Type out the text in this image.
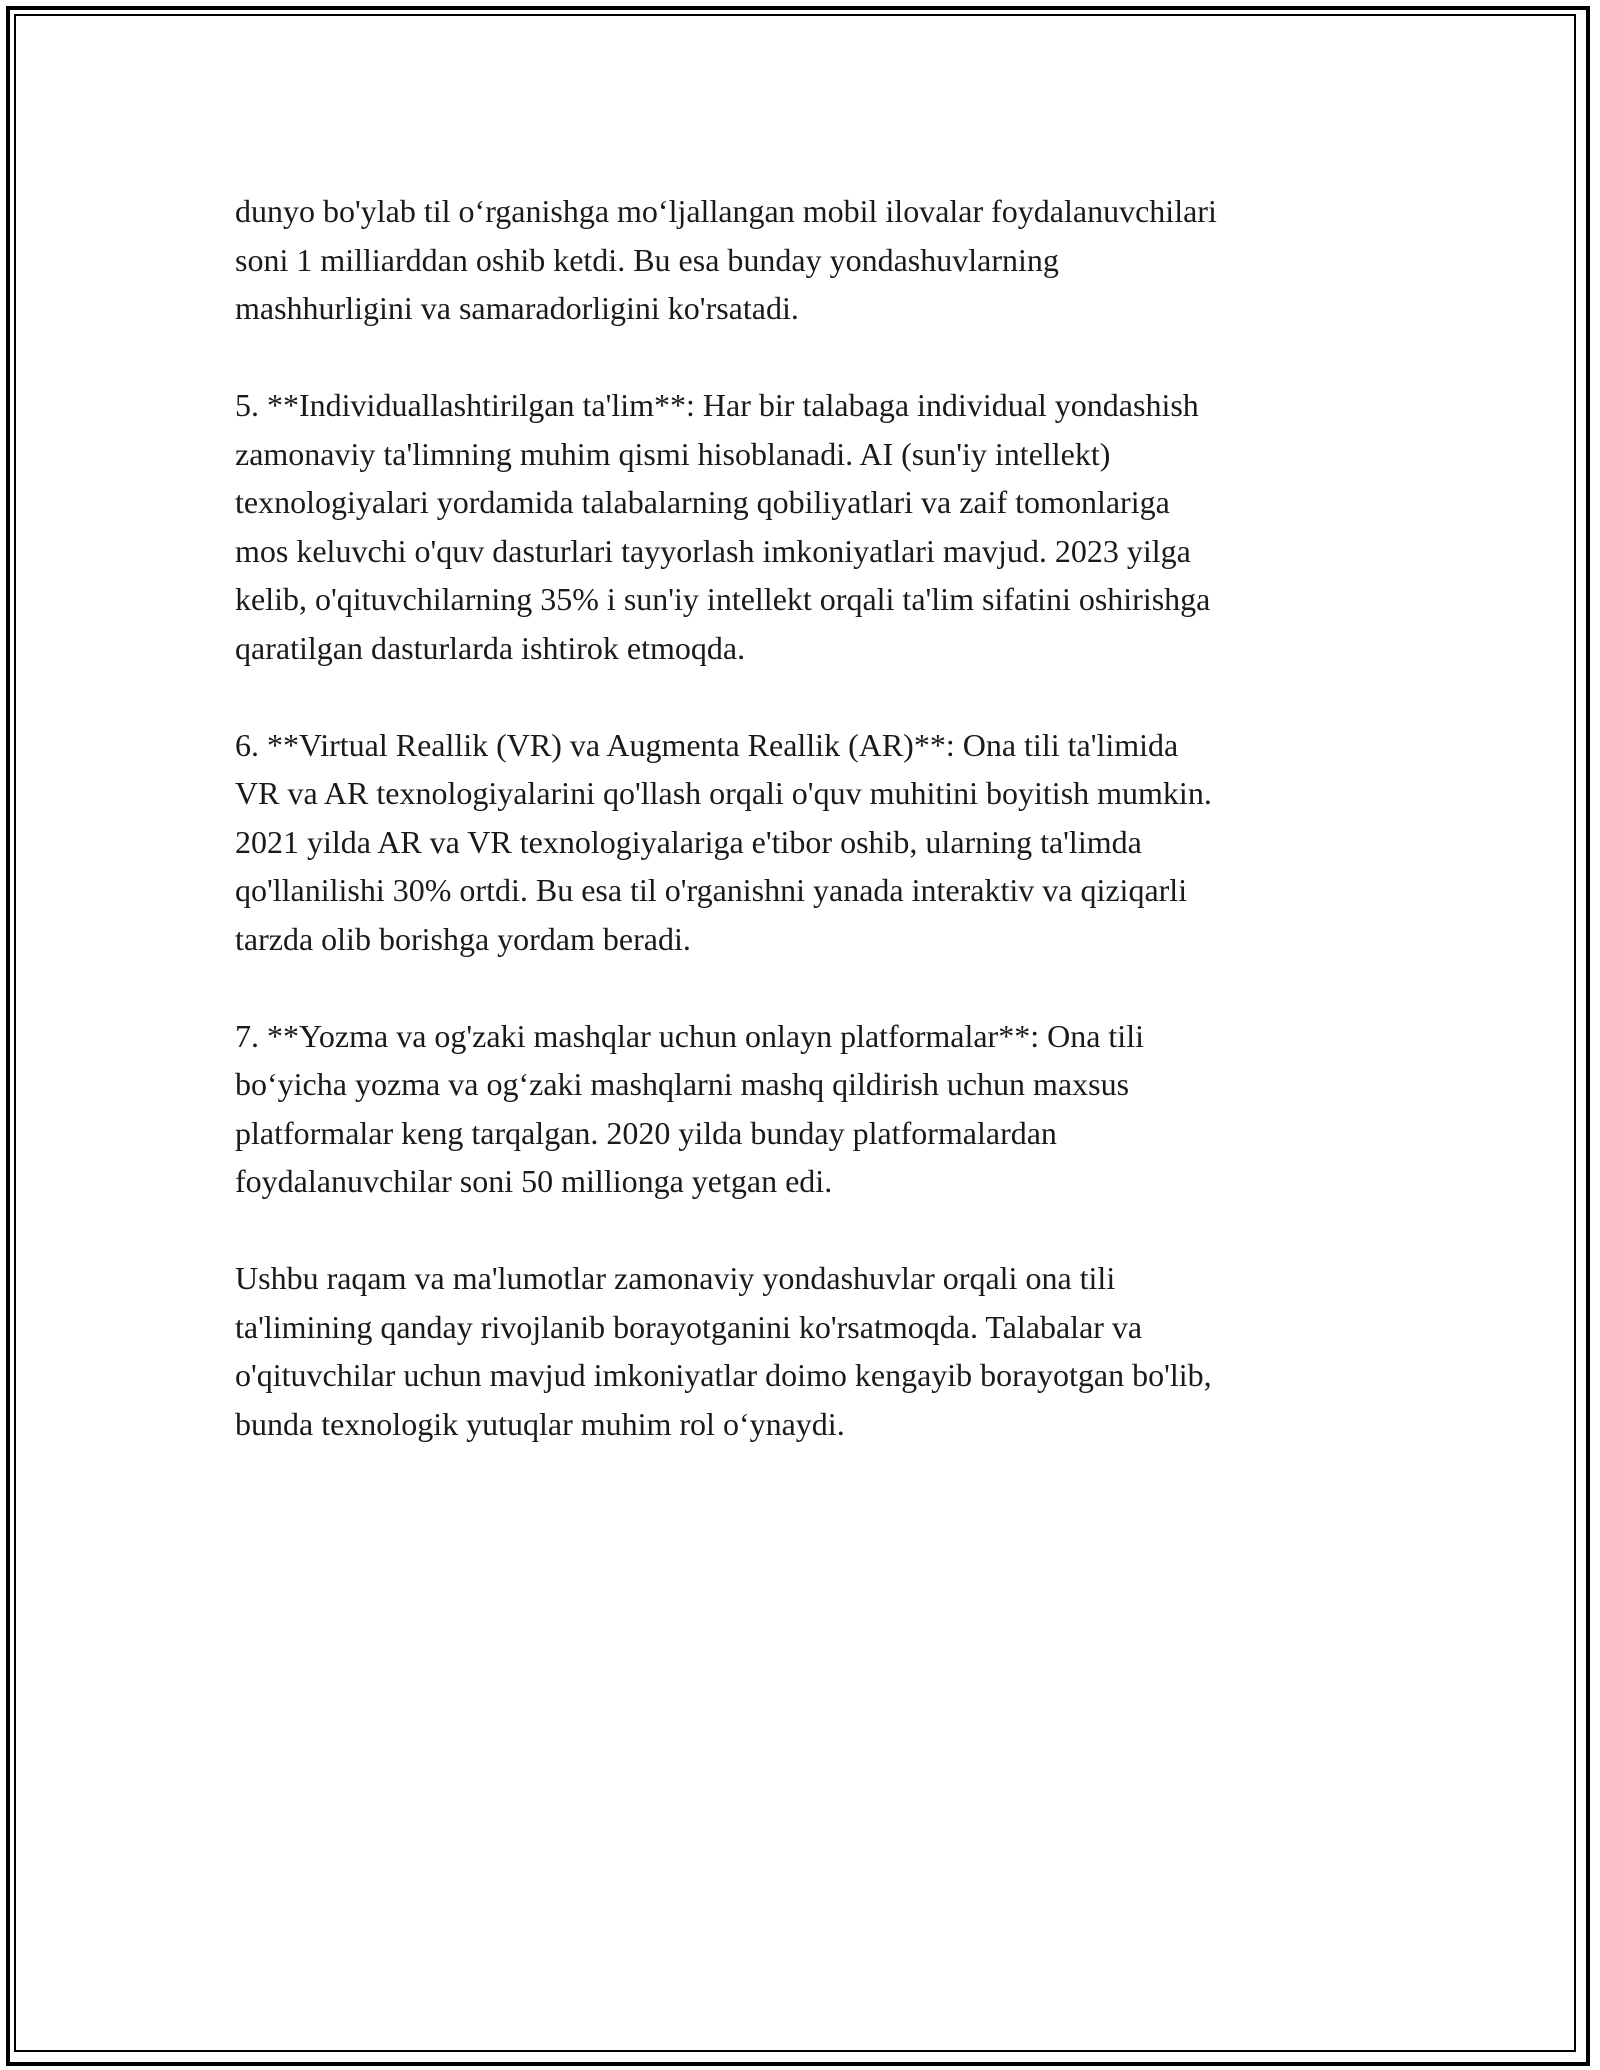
dunyo bo'ylab til o‘rganishga mo‘ljallangan mobil ilovalar foydalanuvchilari
soni 1 milliarddan oshib ketdi. Bu esa bunday yondashuvlarning
mashhurligini va samaradorligini ko'rsatadi.

5. **Individuallashtirilgan ta'lim**: Har bir talabaga individual yondashish
zamonaviy ta'limning muhim qismi hisoblanadi. AI (sun'iy intellekt)
texnologiyalari yordamida talabalarning qobiliyatlari va zaif tomonlariga
mos keluvchi o'quv dasturlari tayyorlash imkoniyatlari mavjud. 2023 yilga
kelib, o'qituvchilarning 35% i sun'iy intellekt orqali ta'lim sifatini oshirishga
qaratilgan dasturlarda ishtirok etmoqda.

6. **Virtual Reallik (VR) va Augmenta Reallik (AR)**: Ona tili ta'limida
VR va AR texnologiyalarini qo'llash orqali o'quv muhitini boyitish mumkin.
2021 yilda AR va VR texnologiyalariga e'tibor oshib, ularning ta'limda
qo'llanilishi 30% ortdi. Bu esa til o'rganishni yanada interaktiv va qiziqarli
tarzda olib borishga yordam beradi.

7. **Yozma va og'zaki mashqlar uchun onlayn platformalar**: Ona tili
bo‘yicha yozma va og‘zaki mashqlarni mashq qildirish uchun maxsus
platformalar keng tarqalgan. 2020 yilda bunday platformalardan
foydalanuvchilar soni 50 millionga yetgan edi.

Ushbu raqam va ma'lumotlar zamonaviy yondashuvlar orqali ona tili
ta'limining qanday rivojlanib borayotganini ko'rsatmoqda. Talabalar va
o'qituvchilar uchun mavjud imkoniyatlar doimo kengayib borayotgan bo'lib,
bunda texnologik yutuqlar muhim rol o‘ynaydi.
